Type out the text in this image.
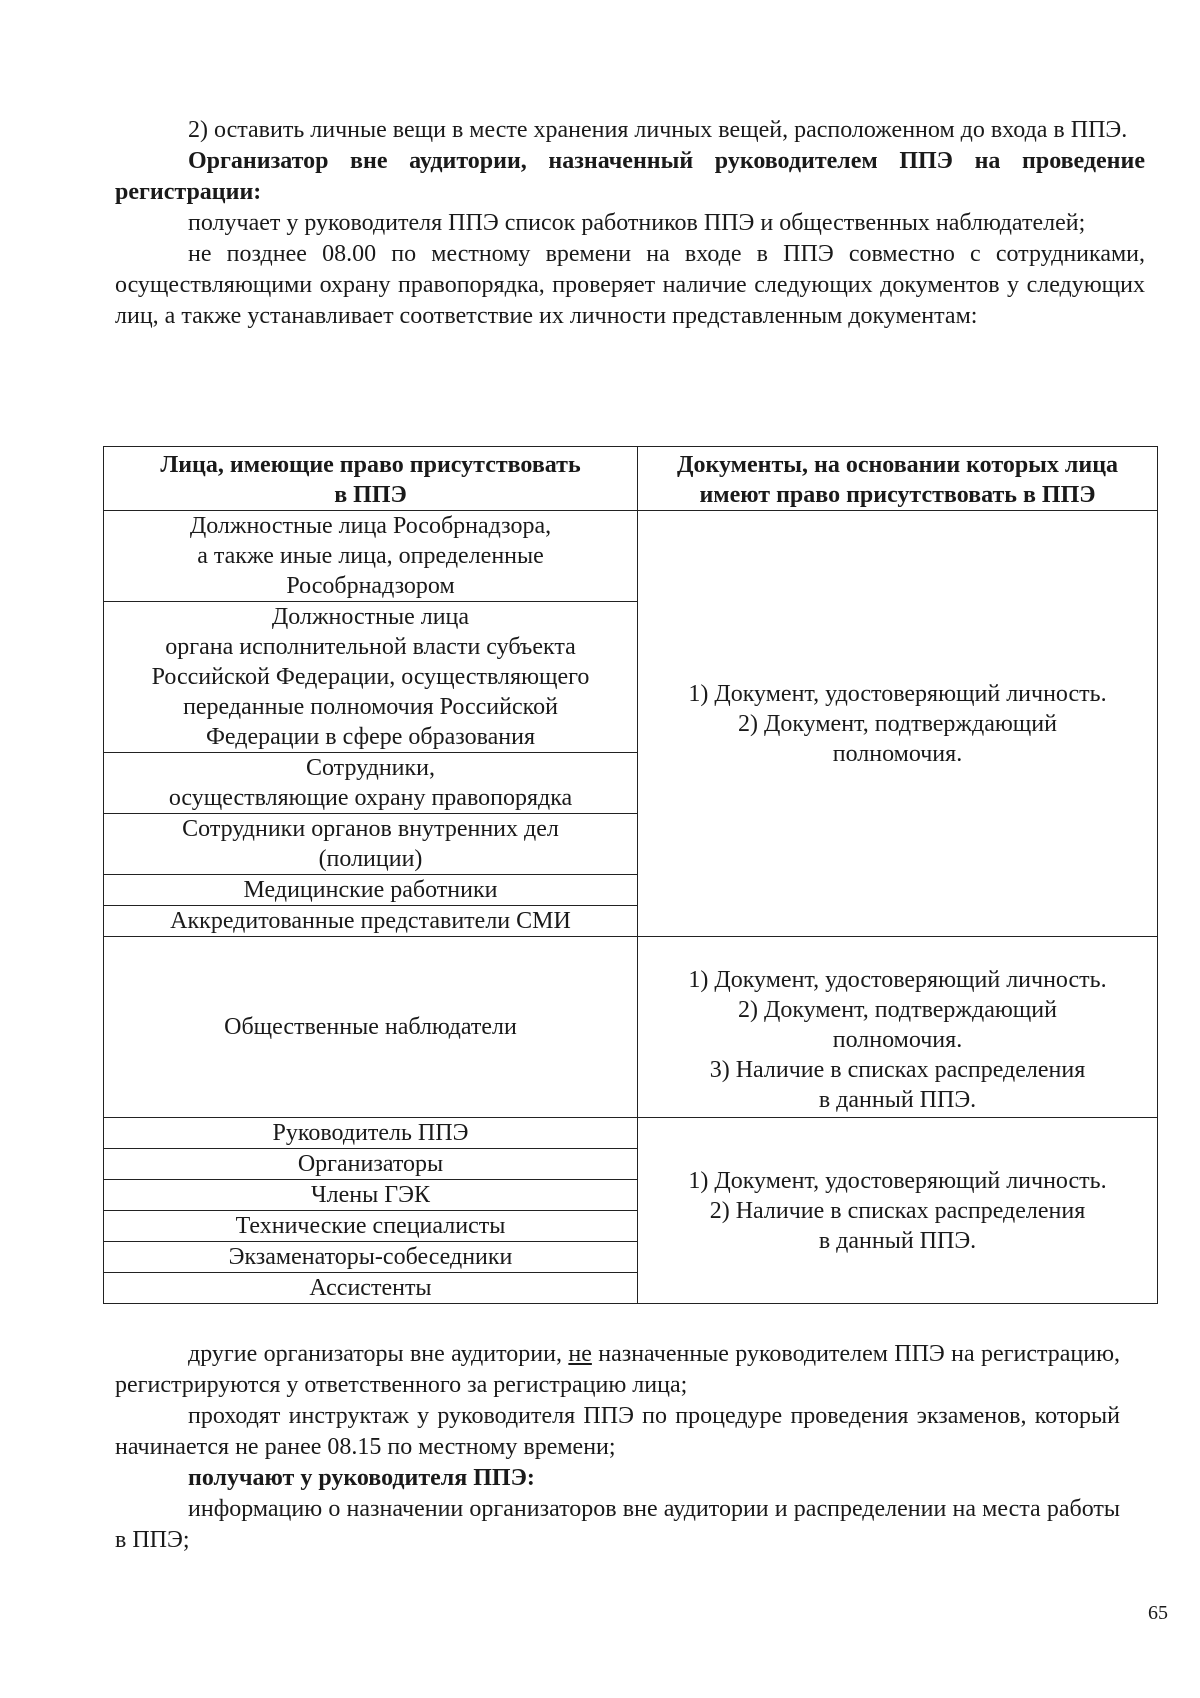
2) оставить личные вещи в месте хранения личных вещей, расположенном до входа в ППЭ.

Организатор вне аудитории, назначенный руководителем ППЭ на проведение регистрации:

получает у руководителя ППЭ список работников ППЭ и общественных наблюдателей;

не позднее 08.00 по местному времени на входе в ППЭ совместно с сотрудниками, осуществляющими охрану правопорядка, проверяет наличие следующих документов у следующих лиц, а также устанавливает соответствие их личности представленным документам:

Лица, имеющие право присутствовать
в ППЭ	Документы, на основании которых лица
имеют право присутствовать в ППЭ

Должностные лица Рособрнадзора,
а также иные лица, определенные
Рособрнадзором	1) Документ, удостоверяющий личность.
2) Документ, подтверждающий
полномочия.

Должностные лица
органа исполнительной власти субъекта
Российской Федерации, осуществляющего
переданные полномочия Российской
Федерации в сфере образования	

Сотрудники,
осуществляющие охрану правопорядка	

Сотрудники органов внутренних дел
(полиции)	

Медицинские работники	

Аккредитованные представители СМИ	

Общественные наблюдатели	1) Документ, удостоверяющий личность.
2) Документ, подтверждающий
полномочия.
3) Наличие в списках распределения
в данный ППЭ.

Руководитель ППЭ	1) Документ, удостоверяющий личность.
2) Наличие в списках распределения
в данный ППЭ.

Организаторы	

Члены ГЭК	

Технические специалисты	

Экзаменаторы-собеседники	

Ассистенты	

другие организаторы вне аудитории, не назначенные руководителем ППЭ на регистрацию, регистрируются у ответственного за регистрацию лица;

проходят инструктаж у руководителя ППЭ по процедуре проведения экзаменов, который начинается не ранее 08.15 по местному времени;

получают у руководителя ППЭ:

информацию о назначении организаторов вне аудитории и распределении на места работы в ППЭ;

65
